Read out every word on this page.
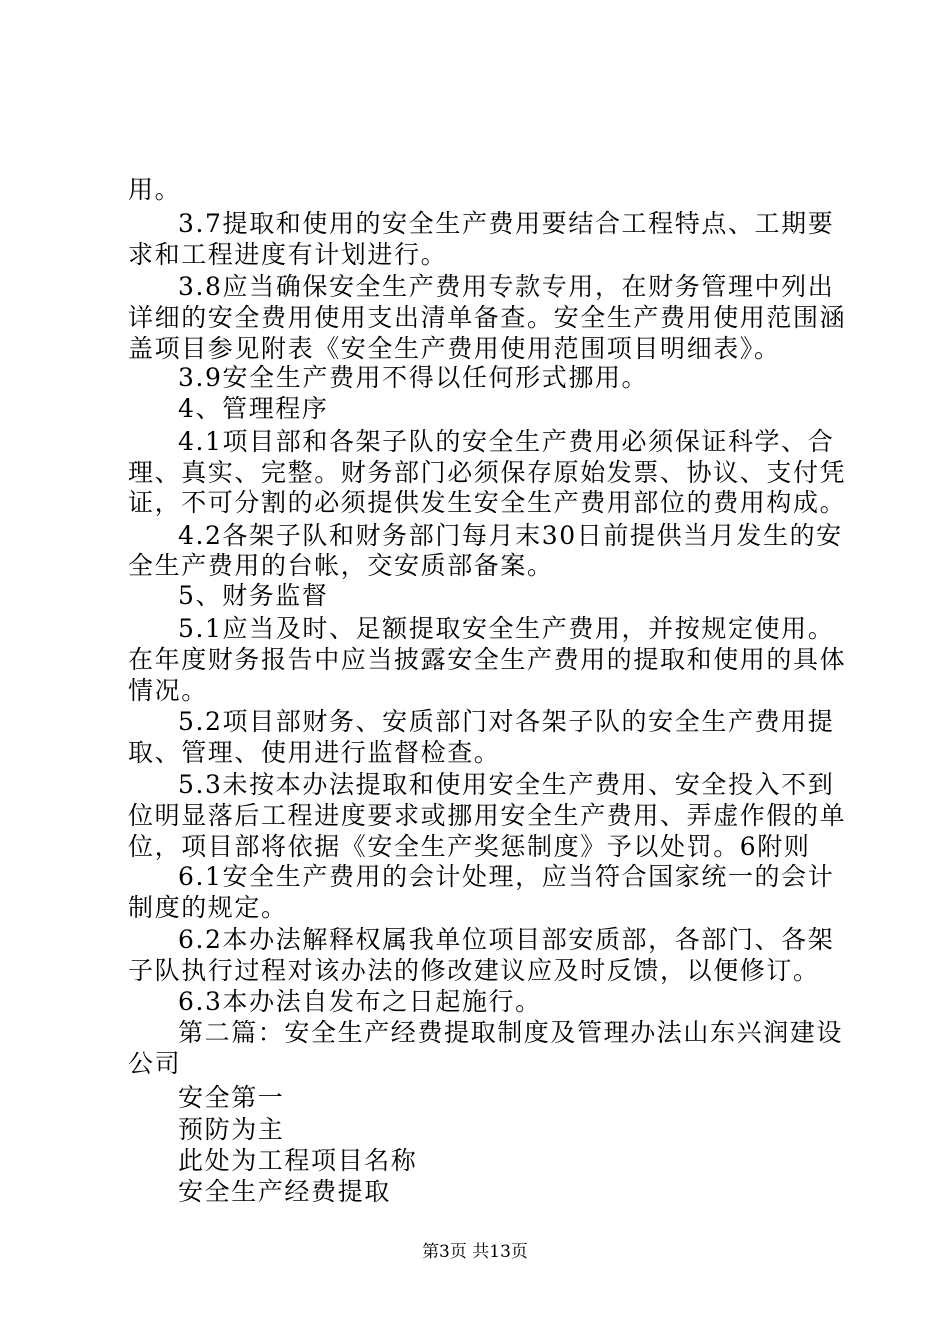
用。
3.7提取和使用的安全生产费用要结合工程特点、工期要
求和工程进度有计划进行。
3.8应当确保安全生产费用专款专用，在财务管理中列出
详细的安全费用使用支出清单备查。安全生产费用使用范围涵
盖项目参见附表《安全生产费用使用范围项目明细表》。
3.9安全生产费用不得以任何形式挪用。
4、管理程序
4.1项目部和各架子队的安全生产费用必须保证科学、合
理、真实、完整。财务部门必须保存原始发票、协议、支付凭
证，不可分割的必须提供发生安全生产费用部位的费用构成。
4.2各架子队和财务部门每月末30日前提供当月发生的安
全生产费用的台帐，交安质部备案。
5、财务监督
5.1应当及时、足额提取安全生产费用，并按规定使用。
在年度财务报告中应当披露安全生产费用的提取和使用的具体
情况。
5.2项目部财务、安质部门对各架子队的安全生产费用提
取、管理、使用进行监督检查。
5.3未按本办法提取和使用安全生产费用、安全投入不到
位明显落后工程进度要求或挪用安全生产费用、弄虚作假的单
位，项目部将依据《安全生产奖惩制度》予以处罚。6附则
6.1安全生产费用的会计处理，应当符合国家统一的会计
制度的规定。
6.2本办法解释权属我单位项目部安质部，各部门、各架
子队执行过程对该办法的修改建议应及时反馈，以便修订。
6.3本办法自发布之日起施行。
第二篇：安全生产经费提取制度及管理办法山东兴润建设
公司
安全第一
预防为主
此处为工程项目名称
安全生产经费提取
第3页 共13页
